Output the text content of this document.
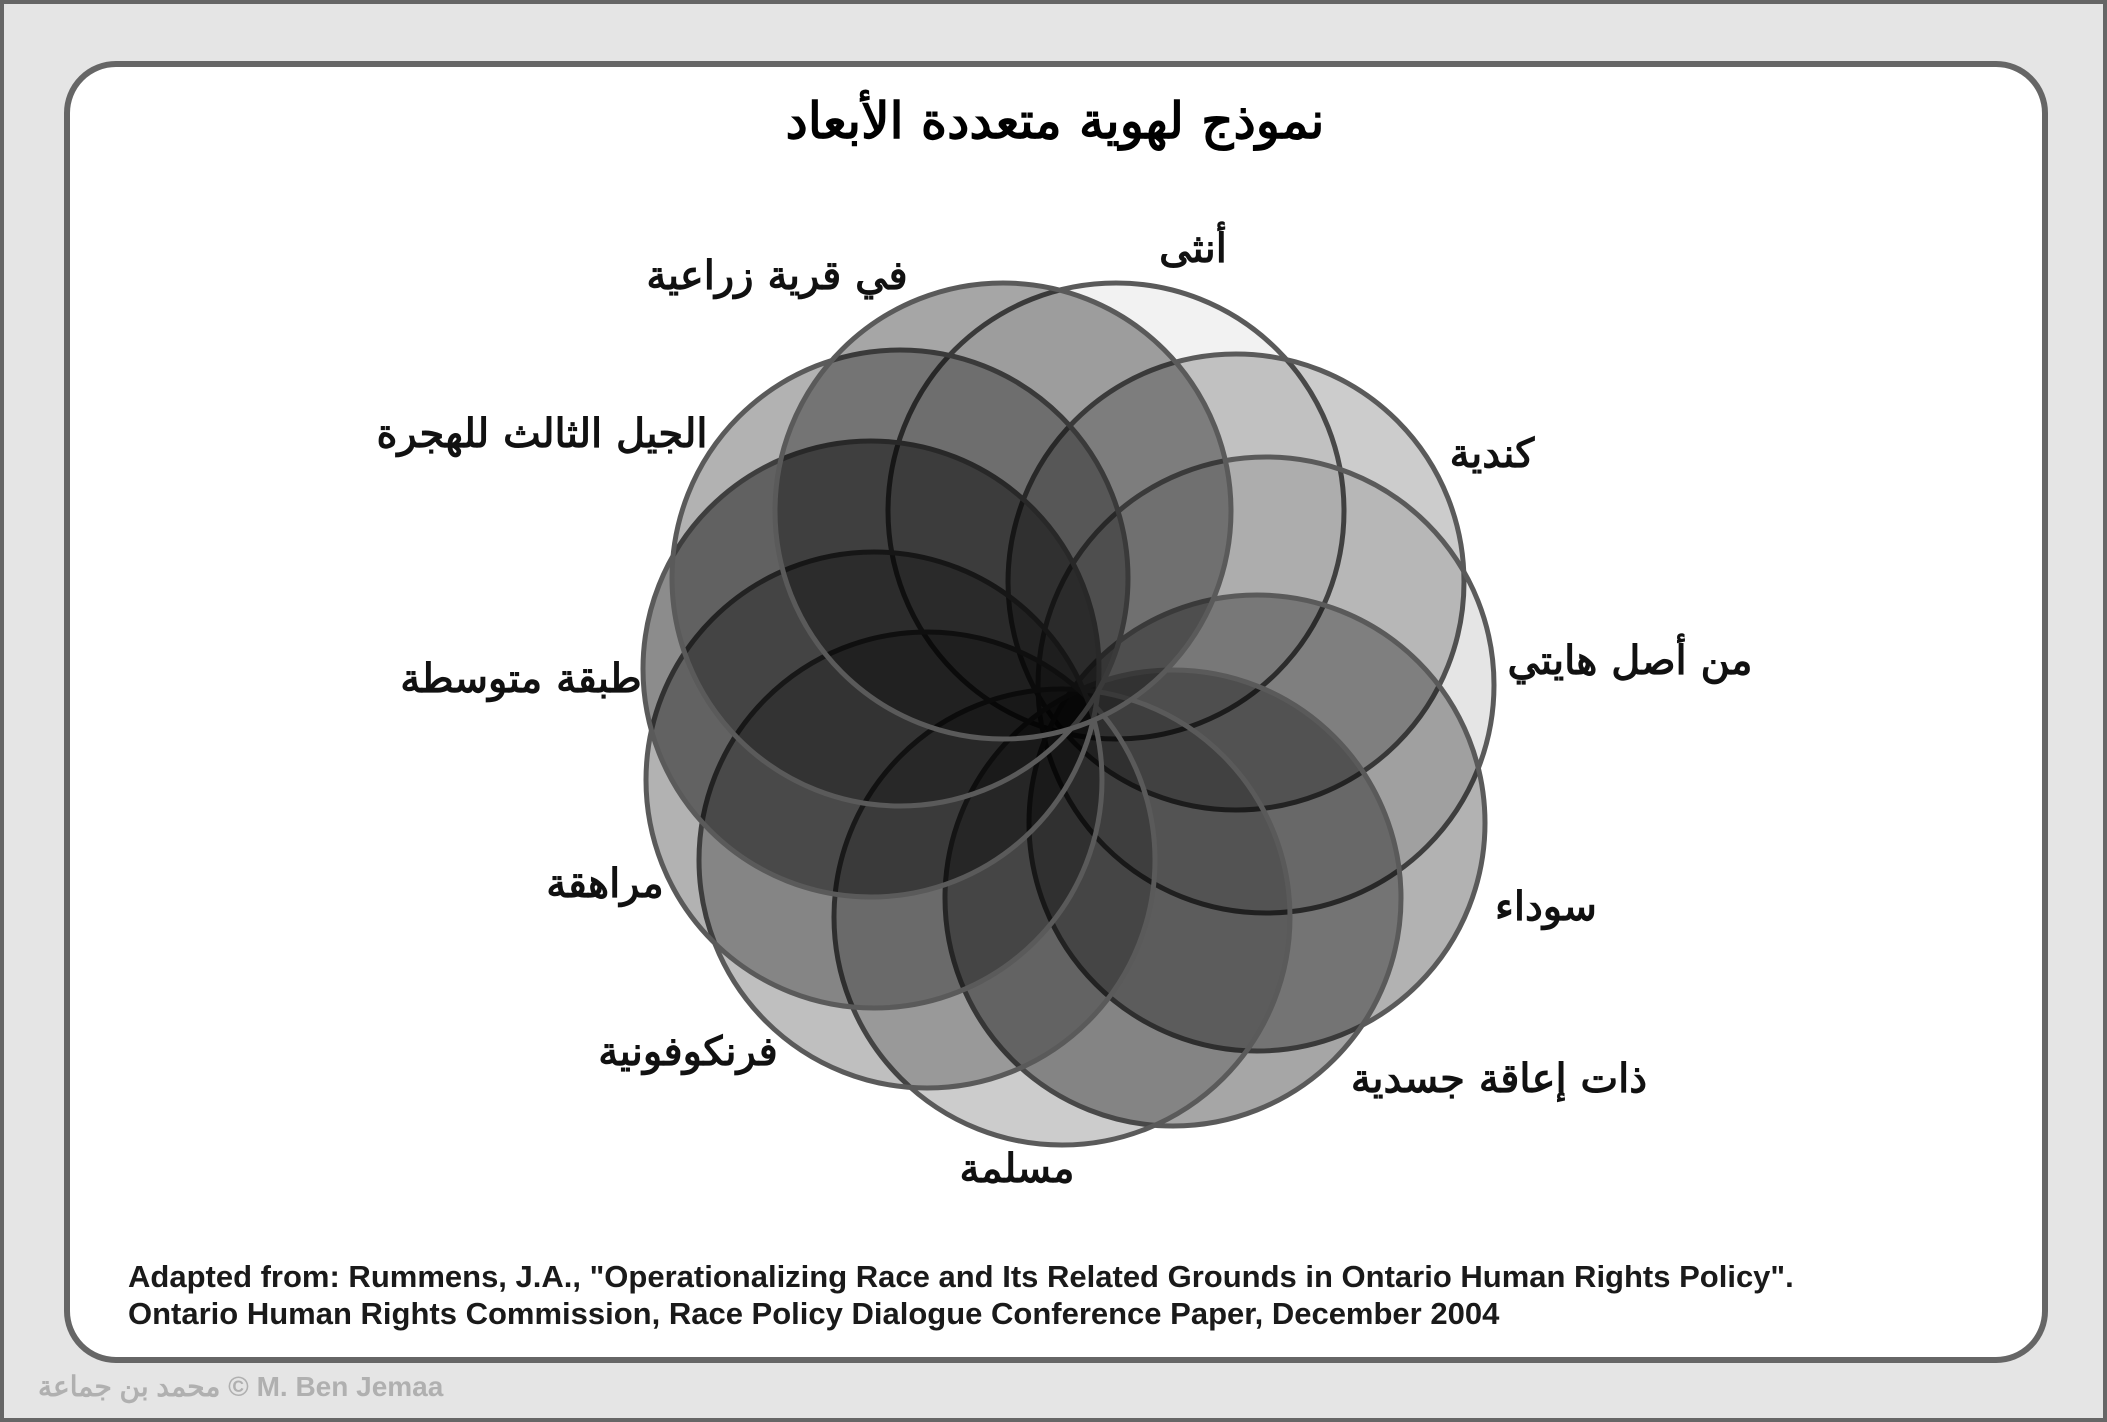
نموذج لهوية متعددة الأبعاد
أنثى
كندية
من أصل هايتي
سوداء
ذات إعاقة جسدية
مسلمة
فرنكوفونية
مراهقة
طبقة متوسطة
الجيل الثالث للهجرة
في قرية زراعية
Adapted from: Rummens, J.A., "Operationalizing Race and Its Related Grounds in Ontario Human Rights Policy".
Ontario Human Rights Commission, Race Policy Dialogue Conference Paper, December 2004
محمد بن جماعة © M. Ben Jemaa
